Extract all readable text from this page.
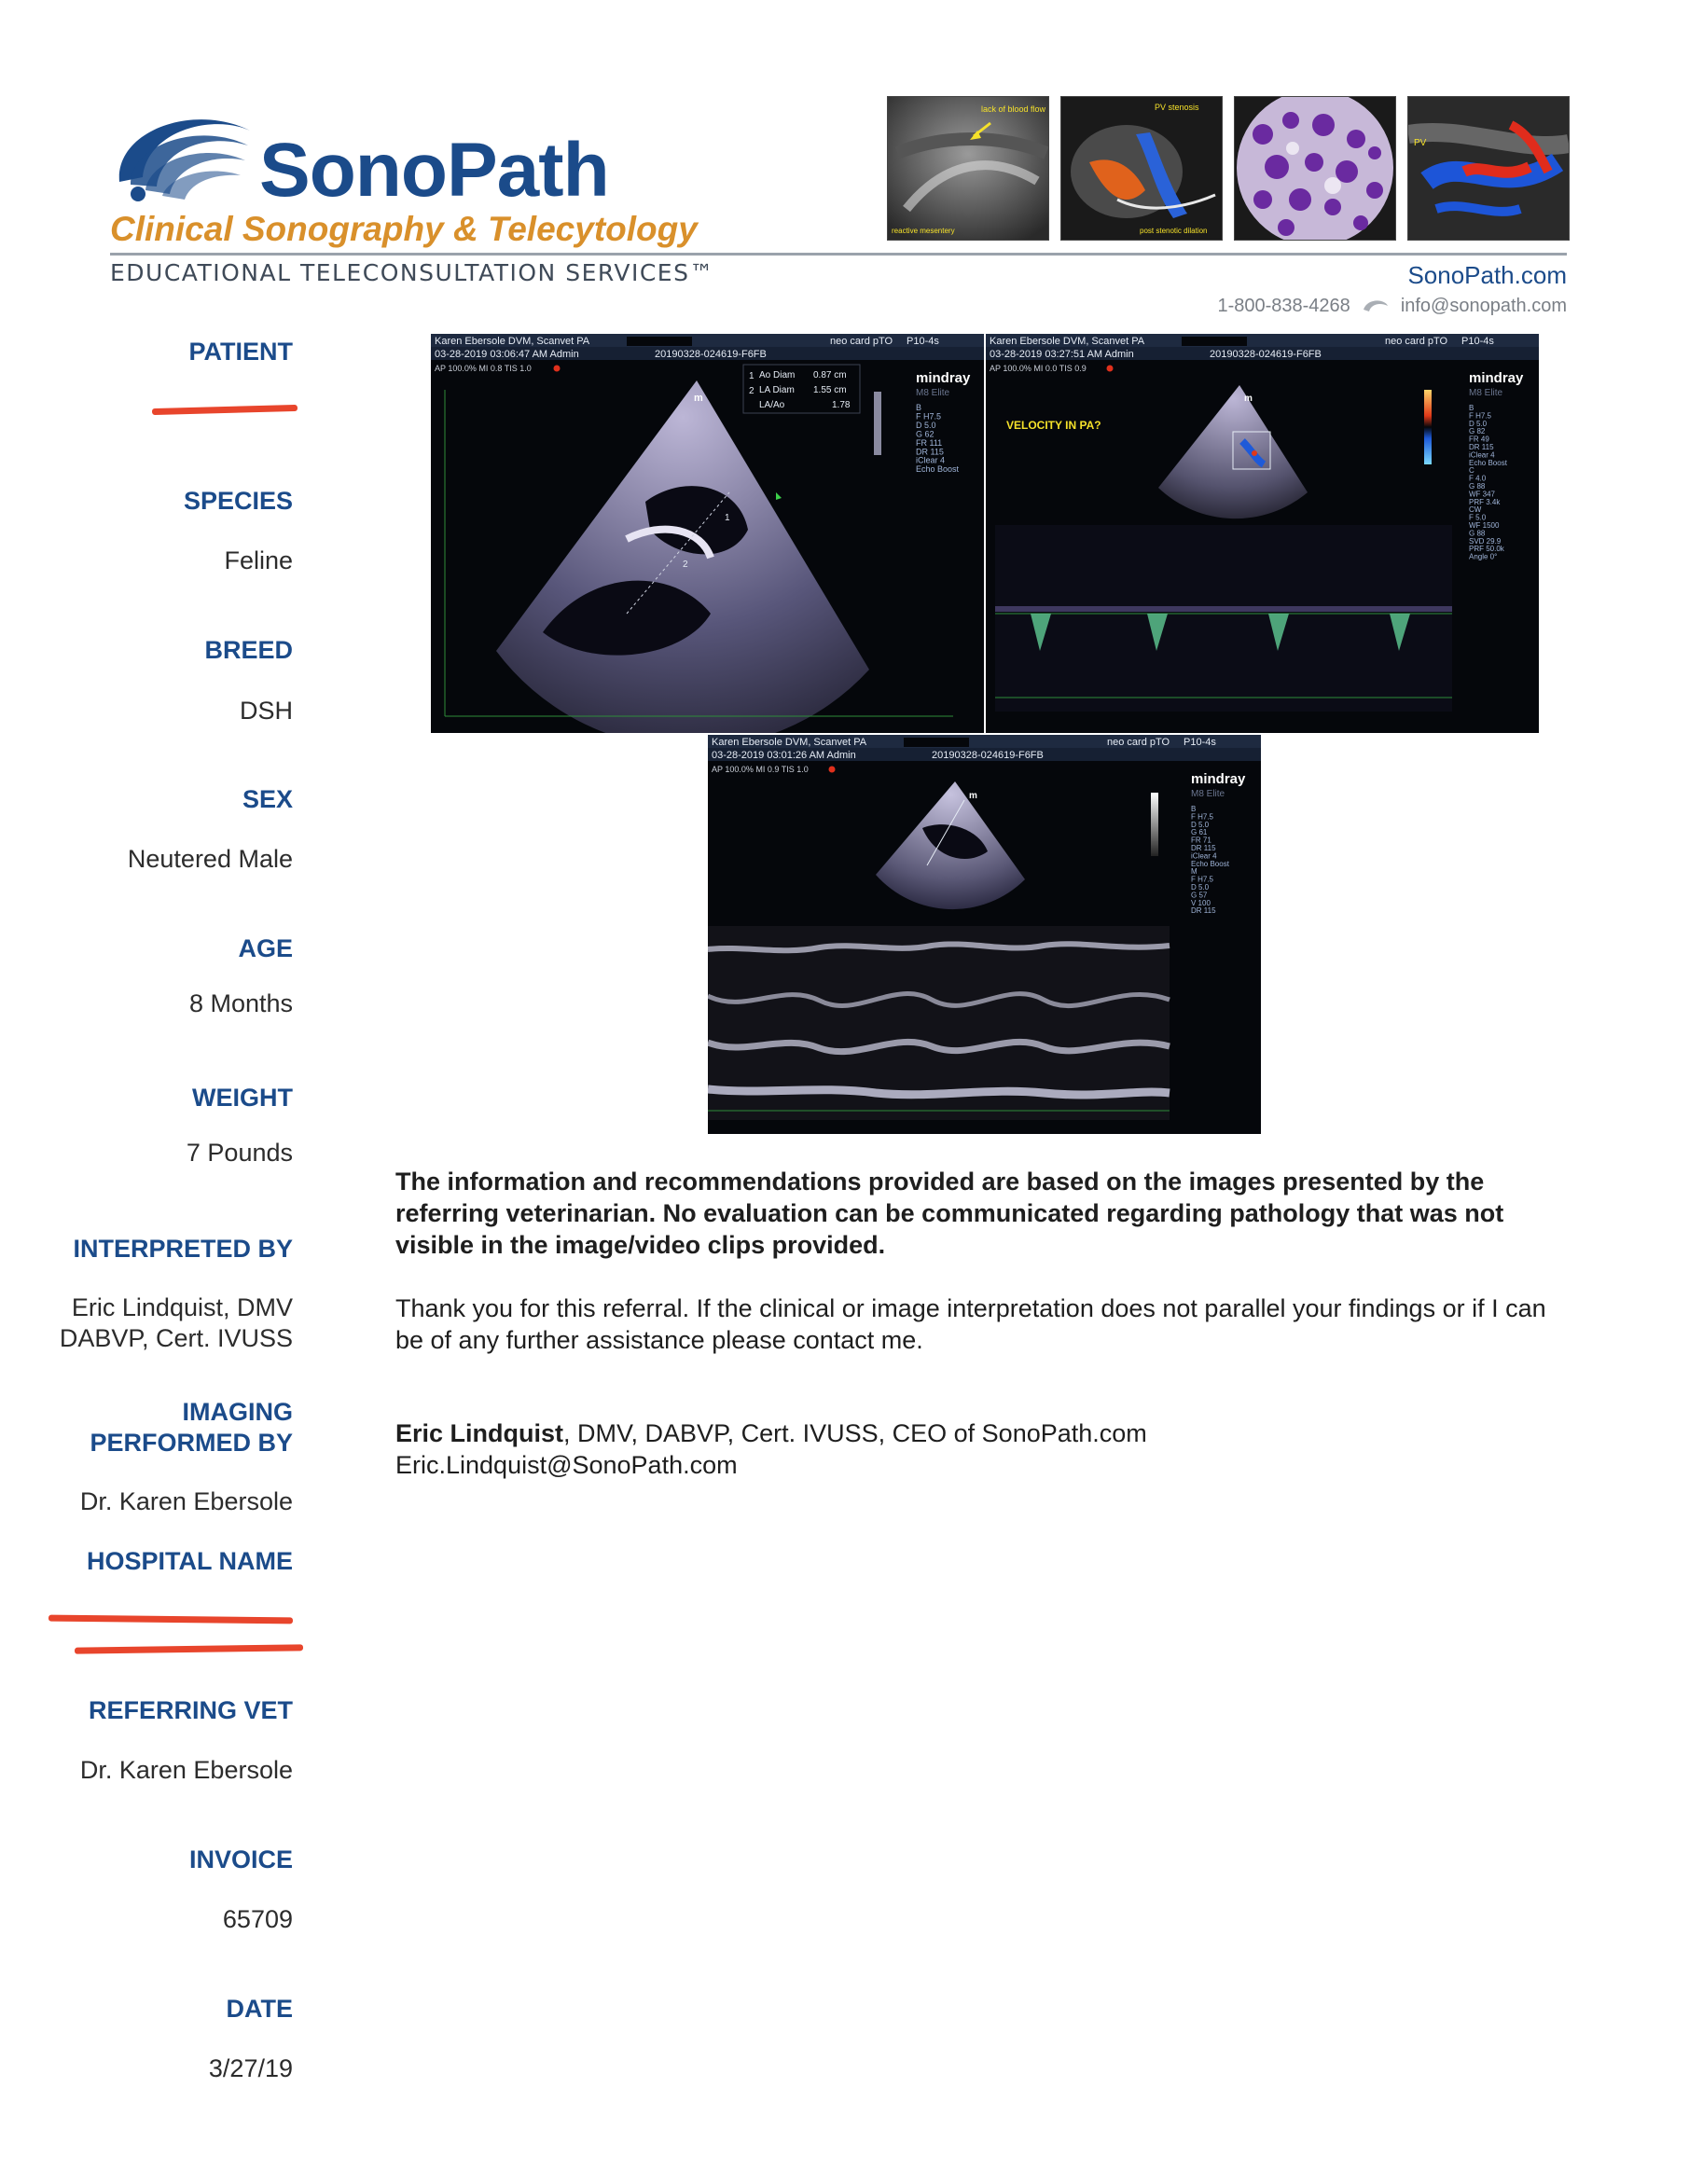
SonoPath
Clinical Sonography & Telecytology
EDUCATIONAL TELECONSULTATION SERVICES™	SonoPath.com
1-800-838-4268	info@sonopath.com
lack of blood flow
reactive mesentery
PV stenosis
post stenotic dilation
PV
PATIENT
SPECIES
Feline
BREED
DSH
SEX
Neutered Male
AGE
8 Months
WEIGHT
7 Pounds
INTERPRETED BY
Eric Lindquist, DMV
DABVP, Cert. IVUSS
IMAGING
PERFORMED BY
Dr. Karen Ebersole
HOSPITAL NAME
REFERRING VET
Dr. Karen Ebersole
INVOICE
65709
DATE
3/27/19
Karen Ebersole DVM, Scanvet PA	neo card pTO P10-4s
03-28-2019 03:06:47 AM Admin	20190328-024619-F6FB
AP 100.0% MI 0.8 TIS 1.0
1
2
m
1 Ao Diam 0.87 cm
2 LA Diam 1.55 cm
LA/Ao	1.78
mindray
M8 Elite
B F H7.5 D 5.0 G 62 FR 111 DR 115 iClear 4 Echo Boost
Karen Ebersole DVM, Scanvet PA	neo card pTO P10-4s
03-28-2019 03:27:51 AM Admin	20190328-024619-F6FB
AP 100.0% MI 0.0 TIS 0.9
VELOCITY IN PA?
m
mindray
M8 Elite
B F H7.5 D 5.0 G 82 FR 49 DR 115 iClear 4 Echo Boost C F 4.0 G 88 WF 347 PRF 3.4k CW F 5.0 WF 1500 G 88 SVD 29.9 PRF 50.0k Angle 0°
Karen Ebersole DVM, Scanvet PA	neo card pTO P10-4s
03-28-2019 03:01:26 AM Admin	20190328-024619-F6FB
AP 100.0% MI 0.9 TIS 1.0
m
mindray
M8 Elite
B F H7.5 D 5.0 G 61 FR 71 DR 115 iClear 4 Echo Boost M F H7.5 D 5.0 G 57 V 100 DR 115
The information and recommendations provided are based on the images presented by the referring veterinarian. No evaluation can be communicated regarding pathology that was not visible in the image/video clips provided.
Thank you for this referral. If the clinical or image interpretation does not parallel your findings or if I can be of any further assistance please contact me.
Eric Lindquist, DMV, DABVP, Cert. IVUSS, CEO of SonoPath.com
Eric.Lindquist@SonoPath.com
